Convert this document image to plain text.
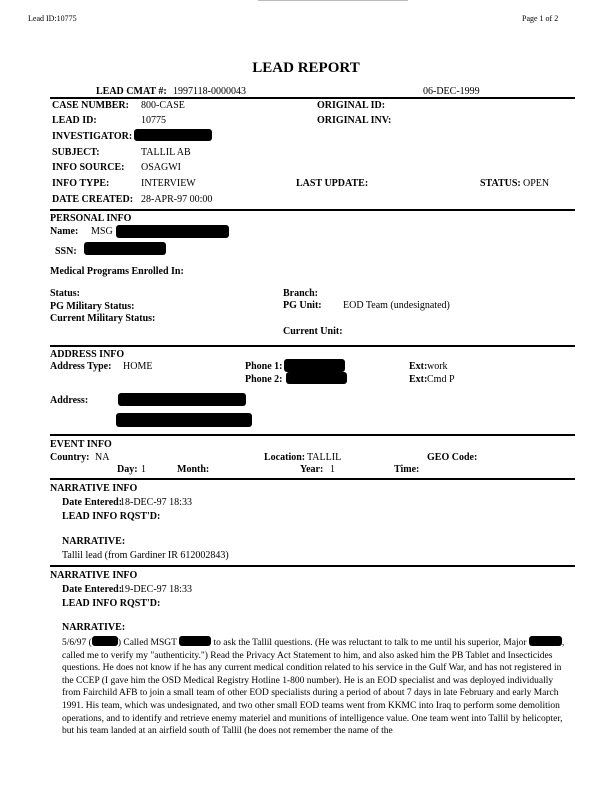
Lead ID:10775	Page 1 of 2
LEAD REPORT
LEAD CMAT #: 1997118-0000043	06-DEC-1999
CASE NUMBER: 800-CASE	ORIGINAL ID:
LEAD ID:	10775	ORIGINAL INV:
INVESTIGATOR:
SUBJECT:	TALLIL AB
INFO SOURCE: OSAGWI
INFO TYPE:	INTERVIEW	LAST UPDATE:	STATUS: OPEN
DATE CREATED: 28-APR-97 00:00
PERSONAL INFO
Name: MSG
SSN:
Medical Programs Enrolled In:
Status:	Branch:
PG Military Status:	PG Unit: EOD Team (undesignated)
Current Military Status:
Current Unit:
ADDRESS INFO
Address Type: HOME	Phone 1:	Ext: work
Phone 2:	Ext: Cmd P
Address:
EVENT INFO
Country: NA	Location: TALLIL	GEO Code:
Day: 1	Month:	Year: 1	Time:
NARRATIVE INFO
Date Entered:
18-DEC-97 18:33
LEAD INFO RQST'D:
NARRATIVE:
Tallil lead (from Gardiner IR 612002843)
NARRATIVE INFO
Date Entered:
19-DEC-97 18:33
LEAD INFO RQST'D:
NARRATIVE:
5/6/97 (	) Called MSGT	to ask the Tallil questions. (He was reluctant to talk to me until his superior, Major	, called me to verify my "authenticity.") Read the Privacy Act Statement to him, and also asked him the PB Tablet and Insecticides questions. He does not know if he has any current medical condition related to his service in the Gulf War, and has not registered in the CCEP (I gave him the OSD Medical Registry Hotline 1-800 number). He is an EOD specialist and was deployed individually from Fairchild AFB to join a small team of other EOD specialists during a period of about 7 days in late February and early March 1991. His team, which was undesignated, and two other small EOD teams went from KKMC into Iraq to perform some demolition operations, and to identify and retrieve enemy materiel and munitions of intelligence value. One team went into Tallil by helicopter, but his team landed at an airfield south of Tallil (he does not remember the name of the
